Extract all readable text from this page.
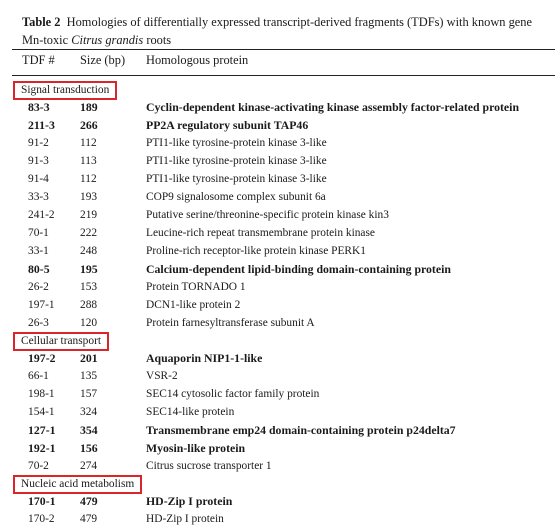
Table 2 Homologies of differentially expressed transcript-derived fragments (TDFs) with known gene
Mn-toxic Citrus grandis roots
TDF # Size (bp) Homologous protein
Signal transduction
83-3	189	Cyclin-dependent kinase-activating kinase assembly factor-related protein
211-3 266	PP2A regulatory subunit TAP46
91-2	112	PTI1-like tyrosine-protein kinase 3-like
91-3	113	PTI1-like tyrosine-protein kinase 3-like
91-4	112	PTI1-like tyrosine-protein kinase 3-like
33-3	193	COP9 signalosome complex subunit 6a
241-2 219	Putative serine/threonine-specific protein kinase kin3
70-1	222	Leucine-rich repeat transmembrane protein kinase
33-1	248	Proline-rich receptor-like protein kinase PERK1
80-5	195	Calcium-dependent lipid-binding domain-containing protein
26-2	153	Protein TORNADO 1
197-1 288	DCN1-like protein 2
26-3	120	Protein farnesyltransferase subunit A
Cellular transport
197-2 201	Aquaporin NIP1-1-like
66-1	135	VSR-2
198-1 157	SEC14 cytosolic factor family protein
154-1 324	SEC14-like protein
127-1 354	Transmembrane emp24 domain-containing protein p24delta7
192-1 156	Myosin-like protein
70-2	274	Citrus sucrose transporter 1
Nucleic acid metabolism
170-1 479	HD-Zip I protein
170-2 479	HD-Zip I protein
